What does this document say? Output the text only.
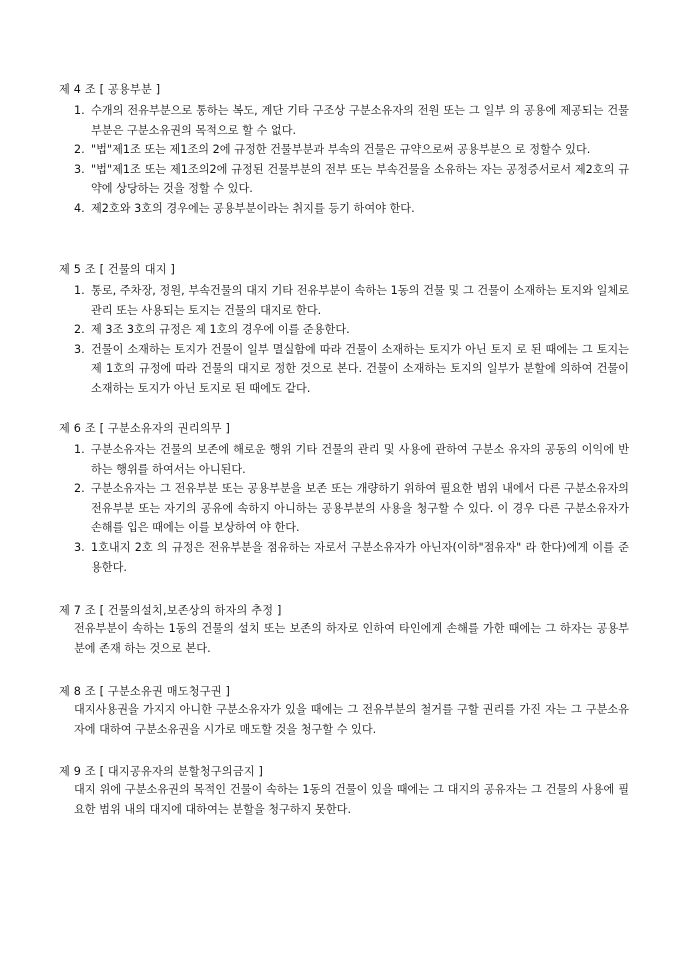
제 4 조 [ 공용부분 ]
1. 수개의 전유부분으로 통하는 복도, 계단 기타 구조상 구분소유자의 전원 또는 그 일부 의 공용에 제공되는 건물부분은 구분소유권의 목적으로 할 수 없다.
2. "법"제1조 또는 제1조의 2에 규정한 건물부분과 부속의 건물은 규약으로써 공용부분으 로 정할수 있다.
3. "법"제1조 또는 제1조의2에 규정된 건물부분의 전부 또는 부속건물을 소유하는 자는 공정증서로서 제2호의 규약에 상당하는 것을 정할 수 있다.
4. 제2호와 3호의 경우에는 공용부분이라는 취지를 등기 하여야 한다.
제 5 조 [ 건물의 대지 ]
1. 통로, 주차장, 정원, 부속건물의 대지 기타 전유부분이 속하는 1동의 건물 및 그 건물이 소재하는 토지와 일체로 관리 또는 사용되는 토지는 건물의 대지로 한다.
2. 제 3조 3호의 규정은 제 1호의 경우에 이를 준용한다.
3. 건물이 소재하는 토지가 건물이 일부 멸실함에 따라 건물이 소재하는 토지가 아닌 토지 로 된 때에는 그 토지는 제 1호의 규정에 따라 건물의 대지로 정한 것으로 본다. 건물이 소재하는 토지의 일부가 분할에 의하여 건물이 소재하는 토지가 아닌 토지로 된 때에도 같다.
제 6 조 [ 구분소유자의 권리의무 ]
1. 구분소유자는 건물의 보존에 해로운 행위 기타 건물의 관리 및 사용에 관하여 구분소 유자의 공동의 이익에 반하는 행위를 하여서는 아니된다.
2. 구분소유자는 그 전유부분 또는 공용부분을 보존 또는 개량하기 위하여 필요한 범위 내에서 다른 구분소유자의 전유부분 또는 자기의 공유에 속하지 아니하는 공용부분의 사용을 청구할 수 있다. 이 경우 다른 구분소유자가 손해를 입은 때에는 이를 보상하여 야 한다.
3. 1호내지 2호 의 규정은 전유부분을 점유하는 자로서 구분소유자가 아닌자(이하"점유자" 라 한다)에게 이를 준용한다.
제 7 조 [ 건물의설치,보존상의 하자의 추정 ]
전유부분이 속하는 1동의 건물의 설치 또는 보존의 하자로 인하여 타인에게 손해를 가한 때에는 그 하자는 공용부분에 존재 하는 것으로 본다.
제 8 조 [ 구분소유권 매도청구권 ]
대지사용권을 가지지 아니한 구분소유자가 있을 때에는 그 전유부분의 철거를 구할 권리를 가진 자는 그 구분소유자에 대하여 구분소유권을 시가로 매도할 것을 청구할 수 있다.
제 9 조 [ 대지공유자의 분할청구의금지 ]
대지 위에 구분소유권의 목적인 건물이 속하는 1동의 건물이 있을 때에는 그 대지의 공유자는 그 건물의 사용에 필요한 범위 내의 대지에 대하여는 분할을 청구하지 못한다.
